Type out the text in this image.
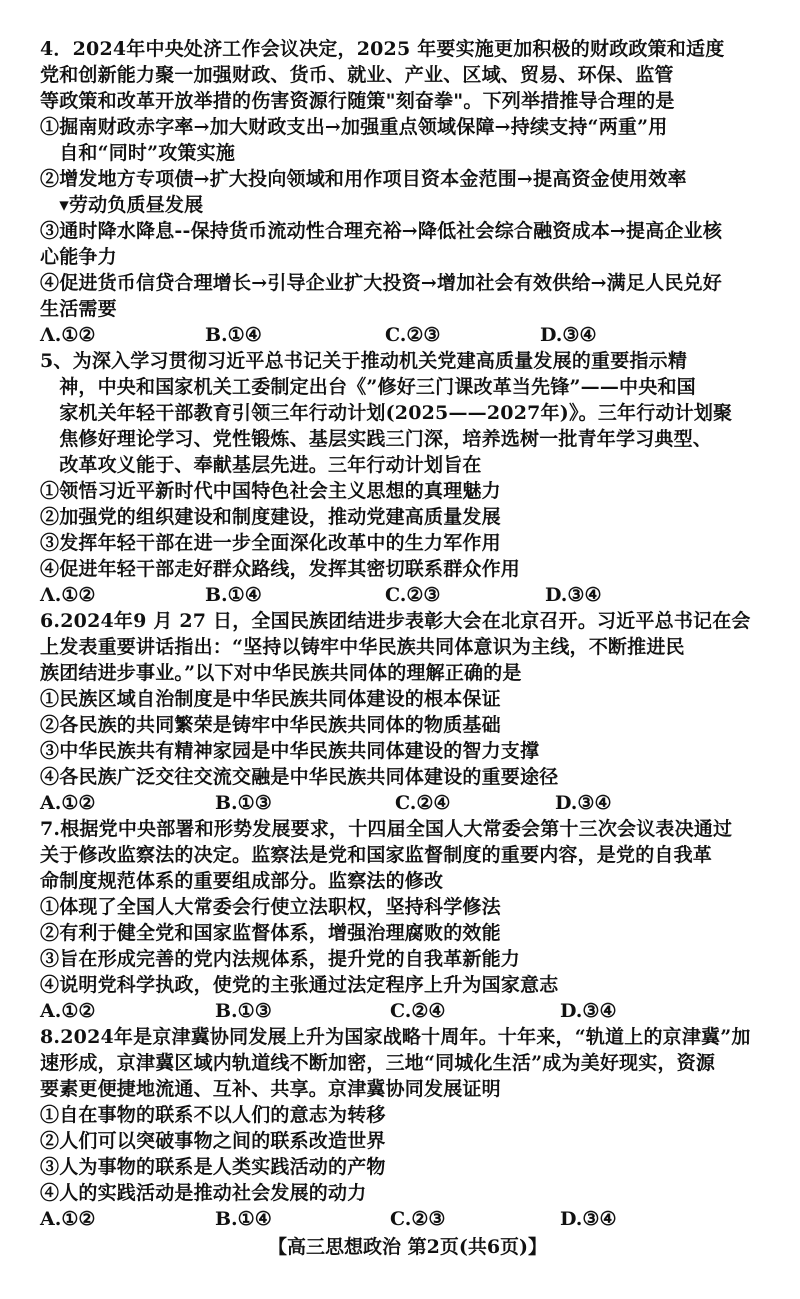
4．2024年中央处济工作会议决定，2025 年要实施更加积极的财政政策和适度
党和创新能力聚一加强财政、货币、就业、产业、区域、贸易、环保、监管
等政策和改革开放举措的伤害资源行随策"刻奋拳"。下列举措推导合理的是
①掘南财政赤字率→加大财政支出→加强重点领域保障→持续支持“两重”用
　自和“同时”攻策实施
②增发地方专项债→扩大投向领域和用作项目资本金范围→提高资金使用效率
　▾劳动负质昼发展
③通时降水降息--保持货币流动性合理充裕→降低社会综合融资成本→提高企业核
心能争力
④促进货币信贷合理增长→引导企业扩大投资→增加社会有效供给→满足人民兑好
生活需要
Λ.①②	B.①④	C.②③	D.③④
5、为深入学习贯彻习近平总书记关于推动机关党建高质量发展的重要指示精
　神，中央和国家机关工委制定出台《”修好三门课改革当先锋”——中央和国
　家机关年轻干部教育引领三年行动计划(2025——2027年)》。三年行动计划聚
　焦修好理论学习、党性锻炼、基层实践三门深，培养选树一批青年学习典型、
　改革攻义能于、奉献基层先进。三年行动计划旨在
①领悟习近平新时代中国特色社会主义思想的真理魅力
②加强党的组织建设和制度建设，推动党建高质量发展
③发挥年轻干部在进一步全面深化改革中的生力军作用
④促进年轻干部走好群众路线，发挥其密切联系群众作用
Λ.①②	B.①④	C.②③	D.③④
6.2024年9 月 27 日，全国民族团结进步表彰大会在北京召开。习近平总书记在会
上发表重要讲话指出：“坚持以铸牢中华民族共同体意识为主线，不断推进民
族团结进步事业。”以下对中华民族共同体的理解正确的是
①民族区域自治制度是中华民族共同体建设的根本保证
②各民族的共同繁荣是铸牢中华民族共同体的物质基础
③中华民族共有精神家园是中华民族共同体建设的智力支撑
④各民族广泛交往交流交融是中华民族共同体建设的重要途径
A.①②	B.①③	C.②④	D.③④
7.根据党中央部署和形势发展要求，十四届全国人大常委会第十三次会议表决通过
关于修改监察法的决定。监察法是党和国家监督制度的重要内容，是党的自我革
命制度规范体系的重要组成部分。监察法的修改
①体现了全国人大常委会行使立法职权，坚持科学修法
②有利于健全党和国家监督体系，增强治理腐败的效能
③旨在形成完善的党内法规体系，提升党的自我革新能力
④说明党科学执政，使党的主张通过法定程序上升为国家意志
A.①②	B.①③	C.②④	D.③④
8.2024年是京津冀协同发展上升为国家战略十周年。十年来，“轨道上的京津冀”加
速形成，京津冀区域内轨道线不断加密，三地“同城化生活”成为美好现实，资源
要素更便捷地流通、互补、共享。京津冀协同发展证明
①自在事物的联系不以人们的意志为转移
②人们可以突破事物之间的联系改造世界
③人为事物的联系是人类实践活动的产物
④人的实践活动是推动社会发展的动力
A.①②	B.①④	C.②③	D.③④
【高三思想政治 第2页(共6页)】
